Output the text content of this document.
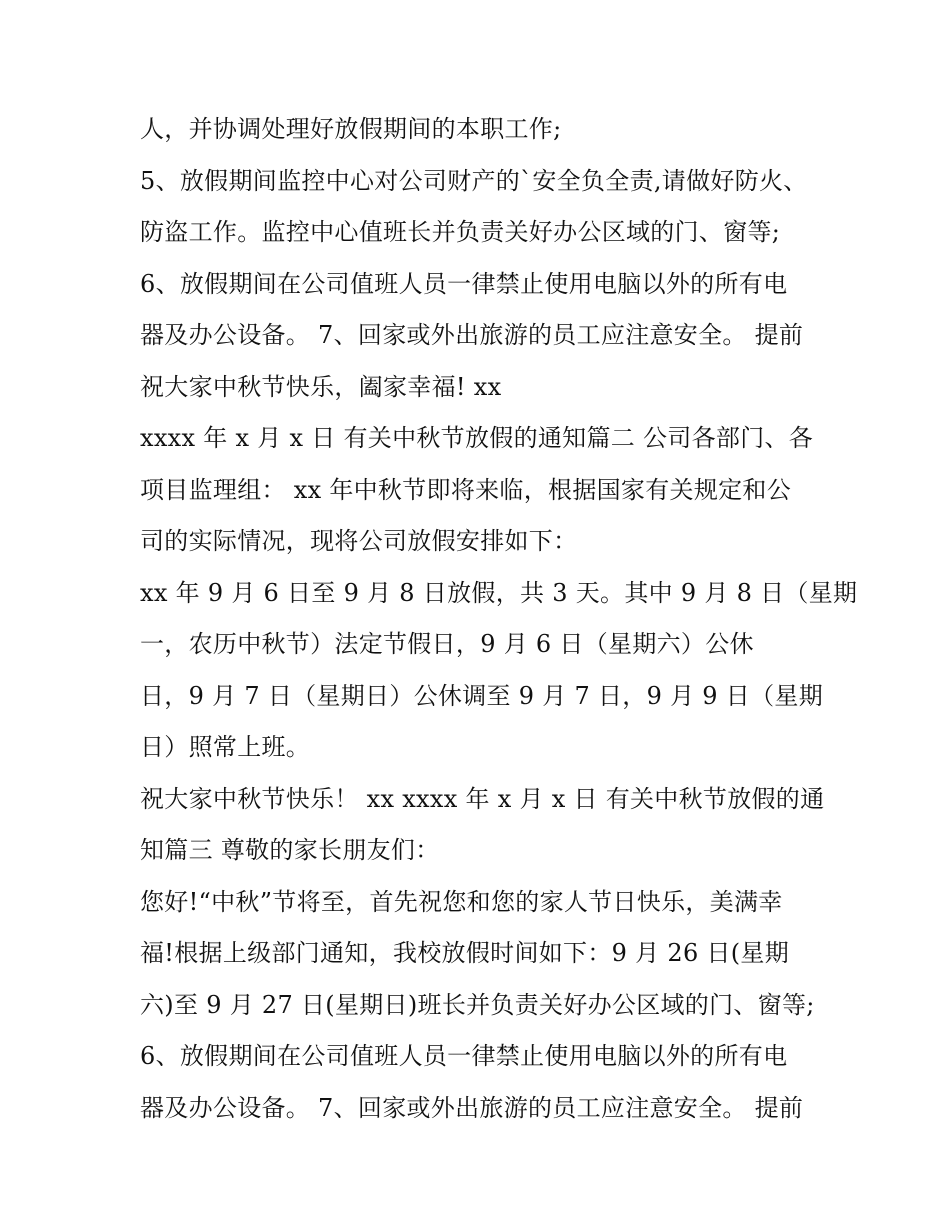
人，并协调处理好放假期间的本职工作;
5、放假期间监控中心对公司财产的`安全负全责,请做好防火、
防盗工作。监控中心值班长并负责关好办公区域的门、窗等;
6、放假期间在公司值班人员一律禁止使用电脑以外的所有电
器及办公设备。 7、回家或外出旅游的员工应注意安全。 提前
祝大家中秋节快乐，阖家幸福! xx
xxxx 年 x 月 x 日 有关中秋节放假的通知篇二 公司各部门、各
项目监理组： xx 年中秋节即将来临，根据国家有关规定和公
司的实际情况，现将公司放假安排如下：
xx 年 9 月 6 日至 9 月 8 日放假，共 3 天。其中 9 月 8 日（星期
一，农历中秋节）法定节假日，9 月 6 日（星期六）公休
日，9 月 7 日（星期日）公休调至 9 月 7 日，9 月 9 日（星期
日）照常上班。
祝大家中秋节快乐！ xx xxxx 年 x 月 x 日 有关中秋节放假的通
知篇三 尊敬的家长朋友们：
您好!“中秋”节将至，首先祝您和您的家人节日快乐，美满幸
福!根据上级部门通知，我校放假时间如下：9 月 26 日(星期
六)至 9 月 27 日(星期日)班长并负责关好办公区域的门、窗等;
6、放假期间在公司值班人员一律禁止使用电脑以外的所有电
器及办公设备。 7、回家或外出旅游的员工应注意安全。 提前
